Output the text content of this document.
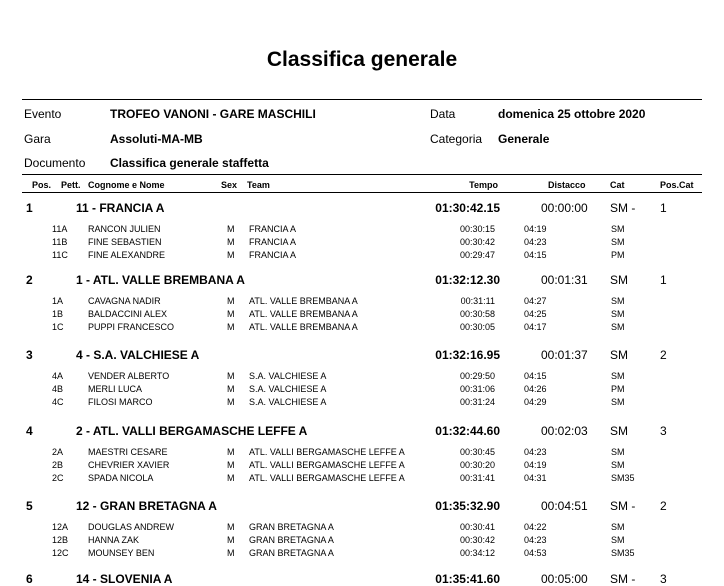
Classifica generale
Evento	TROFEO VANONI - GARE MASCHILI	Data	domenica 25 ottobre 2020
Gara	Assoluti-MA-MB	Categoria Generale
Documento Classifica generale staffetta
Pos. Pett. Cognome e Nome	Sex Team	Tempo	Distacco	Cat	Pos.Cat
1	11 - FRANCIA A	01:30:42.15	00:00:00 SM - 1
11A RANCON JULIEN	M FRANCIA A	00:30:15	04:19	SM
11B FINE SEBASTIEN	M FRANCIA A	00:30:42	04:23	SM
11C FINE ALEXANDRE	M FRANCIA A	00:29:47	04:15	PM
2	1 - ATL. VALLE BREMBANA A	01:32:12.30	00:01:31 SM	1
1A	CAVAGNA NADIR	M ATL. VALLE BREMBANA A	00:31:11	04:27	SM
1B	BALDACCINI ALEX	M ATL. VALLE BREMBANA A	00:30:58	04:25	SM
1C	PUPPI FRANCESCO	M ATL. VALLE BREMBANA A	00:30:05	04:17	SM
3	4 - S.A. VALCHIESE A	01:32:16.95	00:01:37 SM	2
4A	VENDER ALBERTO	M S.A. VALCHIESE A	00:29:50	04:15	SM
4B	MERLI LUCA	M S.A. VALCHIESE A	00:31:06	04:26	PM
4C	FILOSI MARCO	M S.A. VALCHIESE A	00:31:24	04:29	SM
4	2 - ATL. VALLI BERGAMASCHE LEFFE A	01:32:44.60	00:02:03 SM	3
2A	MAESTRI CESARE	M ATL. VALLI BERGAMASCHE LEFFE A	00:30:45	04:23	SM
2B	CHEVRIER XAVIER	M ATL. VALLI BERGAMASCHE LEFFE A	00:30:20	04:19	SM
2C	SPADA NICOLA	M ATL. VALLI BERGAMASCHE LEFFE A	00:31:41	04:31	SM35
5	12 - GRAN BRETAGNA A	01:35:32.90	00:04:51 SM - 2
12A DOUGLAS ANDREW	M GRAN BRETAGNA A	00:30:41	04:22	SM
12B HANNA ZAK	M GRAN BRETAGNA A	00:30:42	04:23	SM
12C MOUNSEY BEN	M GRAN BRETAGNA A	00:34:12	04:53	SM35
6	14 - SLOVENIA A	01:35:41.60	00:05:00 SM - 3
